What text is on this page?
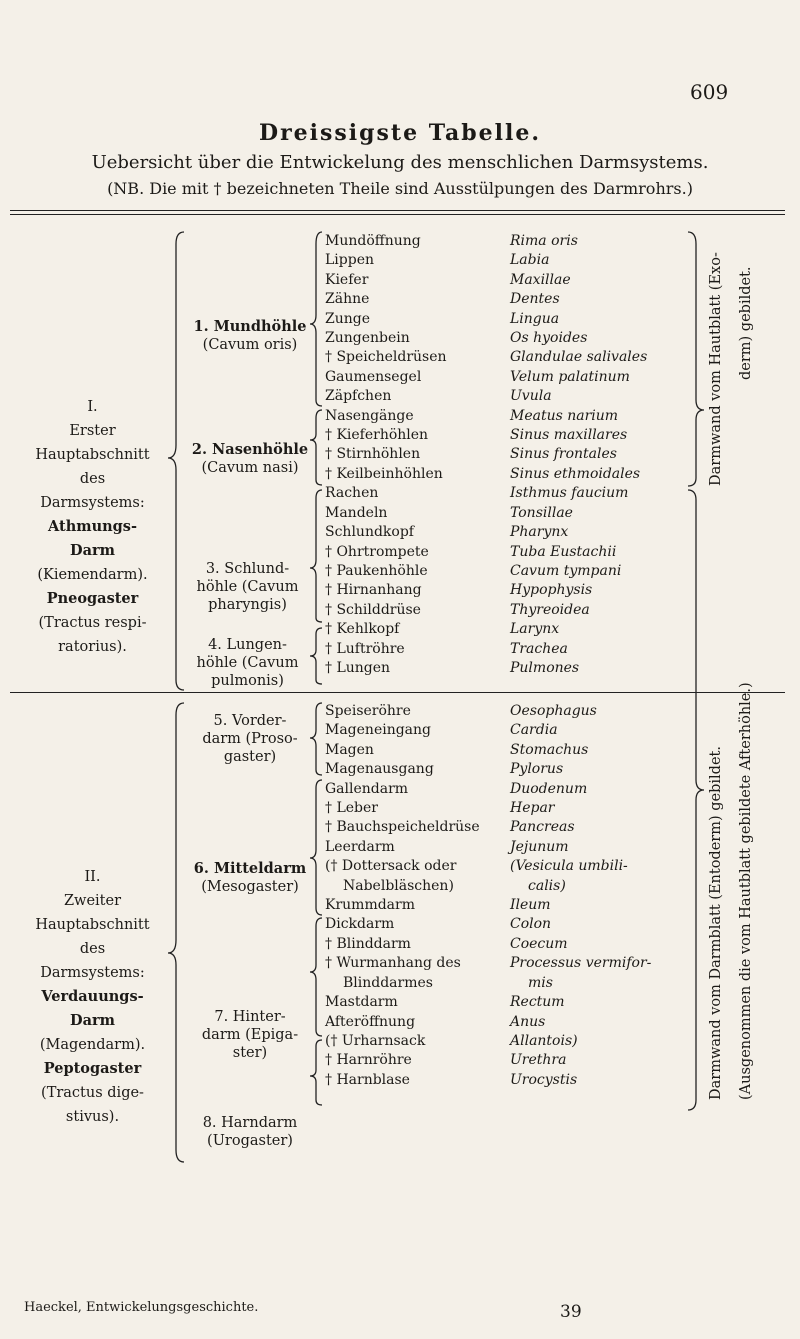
609
Dreissigste Tabelle.
Uebersicht über die Entwickelung des menschlichen Darmsystems.
(NB. Die mit † bezeichneten Theile sind Ausstülpungen des Darmrohrs.)
I.
Erster
Hauptabschnitt
des
Darmsystems:
Athmungs-
Darm
(Kiemendarm).
Pneogaster
(Tractus respi-
ratorius).
II.
Zweiter
Hauptabschnitt
des
Darmsystems:
Verdauungs-
Darm
(Magendarm).
Peptogaster
(Tractus dige-
stivus).
1. Mundhöhle
(Cavum oris)
2. Nasenhöhle
(Cavum nasi)
3. Schlund-
höhle (Cavum
pharyngis)
4. Lungen-
höhle (Cavum
pulmonis)
5. Vorder-
darm (Proso-
gaster)
6. Mitteldarm
(Mesogaster)
7. Hinter-
darm (Epiga-
ster)
8. Harndarm
(Urogaster)
Mundöffnung
Lippen
Kiefer
Zähne
Zunge
Zungenbein
† Speicheldrüsen
Gaumensegel
Zäpfchen
Nasengänge
† Kieferhöhlen
† Stirnhöhlen
† Keilbeinhöhlen
Rachen
Mandeln
Schlundkopf
† Ohrtrompete
† Paukenhöhle
† Hirnanhang
† Schilddrüse
† Kehlkopf
† Luftröhre
† Lungen
Speiseröhre
Mageneingang
Magen
Magenausgang
Gallendarm
† Leber
† Bauchspeicheldrüse
Leerdarm
(† Dottersack oder
Nabelbläschen)
Krummdarm
Dickdarm
† Blinddarm
† Wurmanhang des
Blinddarmes
Mastdarm
Afteröffnung
(† Urharnsack
† Harnröhre
† Harnblase
Rima oris
Labia
Maxillae
Dentes
Lingua
Os hyoides
Glandulae salivales
Velum palatinum
Uvula
Meatus narium
Sinus maxillares
Sinus frontales
Sinus ethmoidales
Isthmus faucium
Tonsillae
Pharynx
Tuba Eustachii
Cavum tympani
Hypophysis
Thyreoidea
Larynx
Trachea
Pulmones
Oesophagus
Cardia
Stomachus
Pylorus
Duodenum
Hepar
Pancreas
Jejunum
(Vesicula umbili-
calis)
Ileum
Colon
Coecum
Processus vermifor-
mis
Rectum
Anus
Allantois)
Urethra
Urocystis
Darmwand vom Hautblatt (Exo- derm) gebildet.
Darmwand vom Darmblatt (Entoderm) gebildet. (Ausgenommen die vom Hautblatt gebildete Afterhöhle.)
Haeckel, Entwickelungsgeschichte.	39
